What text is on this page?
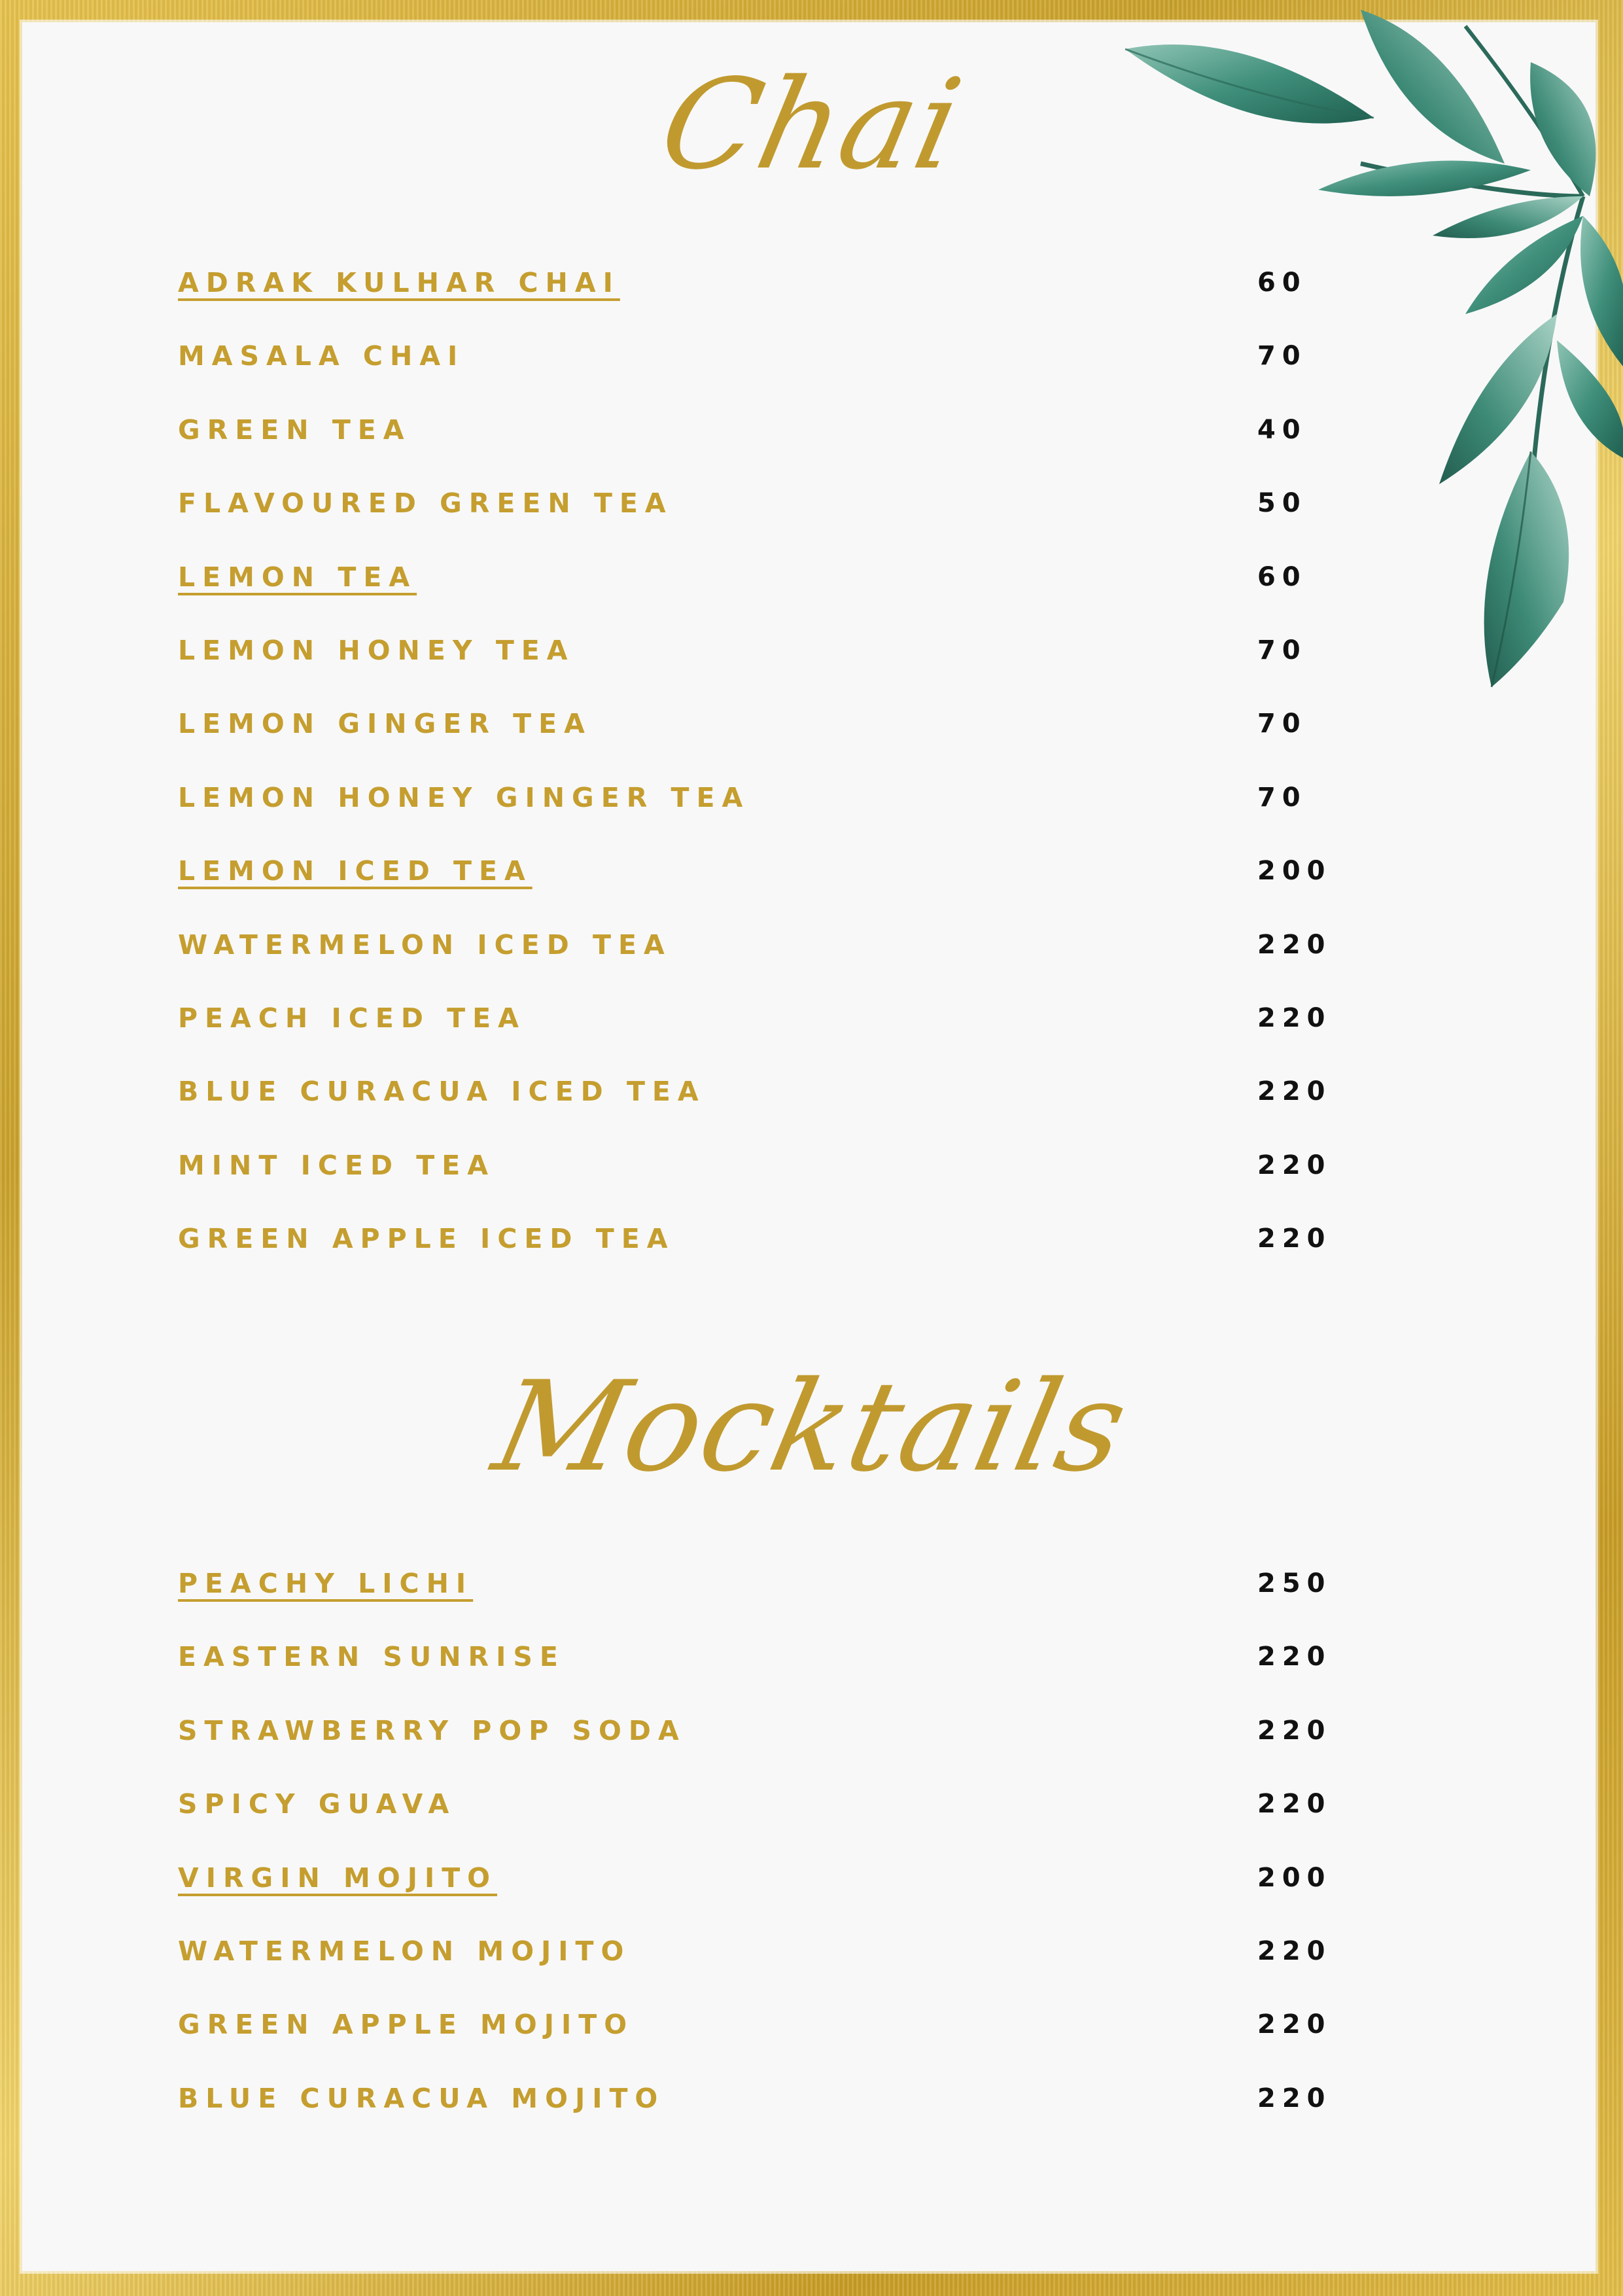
Chai
ADRAK KULHAR CHAI	60
MASALA CHAI	70
GREEN TEA	40
FLAVOURED GREEN TEA	50
LEMON TEA	60
LEMON HONEY TEA	70
LEMON GINGER TEA	70
LEMON HONEY GINGER TEA	70
LEMON ICED TEA	200
WATERMELON ICED TEA	220
PEACH ICED TEA	220
BLUE CURACUA ICED TEA	220
MINT ICED TEA	220
GREEN APPLE ICED TEA	220
Mocktails
PEACHY LICHI	250
EASTERN SUNRISE	220
STRAWBERRY POP SODA	220
SPICY GUAVA	220
VIRGIN MOJITO	200
WATERMELON MOJITO	220
GREEN APPLE MOJITO	220
BLUE CURACUA MOJITO	220
